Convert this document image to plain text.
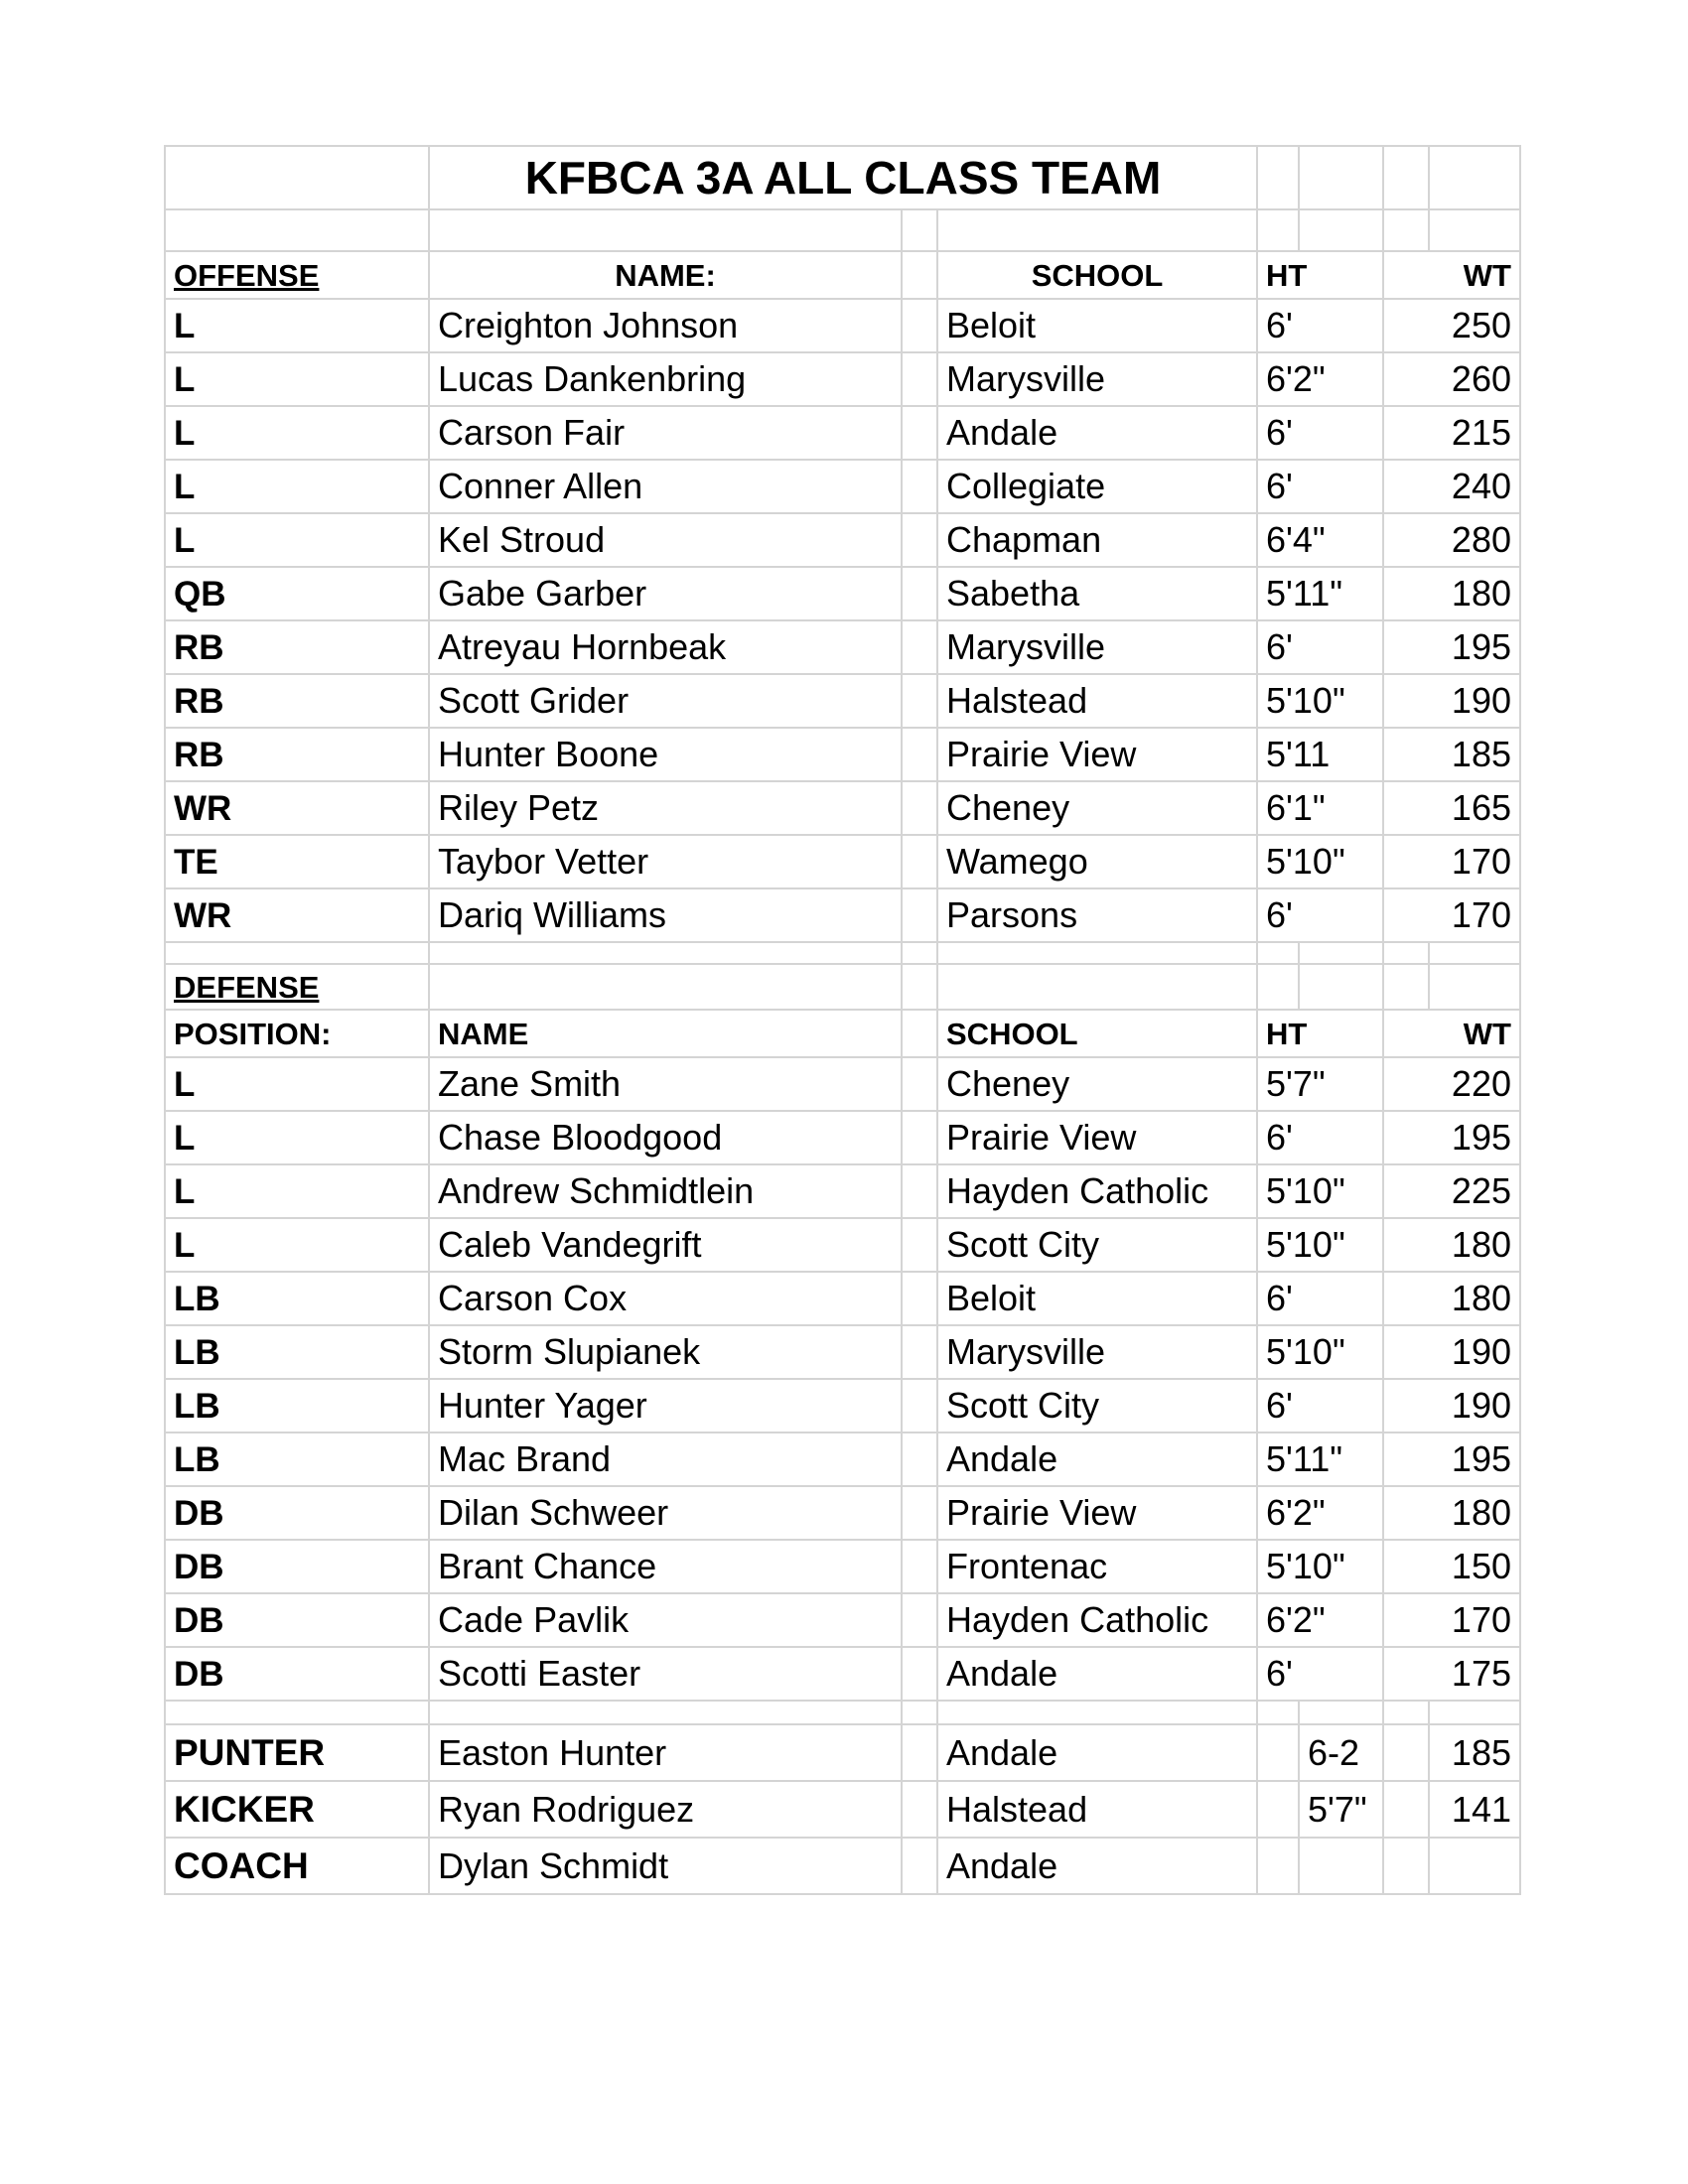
	KFBCA 3A ALL CLASS TEAM						

OFFENSE	NAME:		SCHOOL	HT		WT	
L	Creighton Johnson		Beloit	6'		250	
L	Lucas Dankenbring		Marysville	6'2"		260	
L	Carson Fair		Andale	6'		215	
L	Conner Allen		Collegiate	6'		240	
L	Kel Stroud		Chapman	6'4"		280	
QB	Gabe Garber		Sabetha	5'11"		180	
RB	Atreyau Hornbeak		Marysville	6'		195	
RB	Scott Grider		Halstead	5'10"		190	
RB	Hunter Boone		Prairie View	5'11		185	
WR	Riley Petz		Cheney	6'1"		165	
TE	Taybor Vetter		Wamego	5'10"		170	
WR	Dariq Williams		Parsons	6'		170	

DEFENSE							
POSITION:	NAME		SCHOOL	HT		WT	
L	Zane Smith		Cheney	5'7"		220	
L	Chase Bloodgood		Prairie View	6'		195	
L	Andrew Schmidtlein		Hayden Catholic	5'10"		225	
L	Caleb Vandegrift		Scott City	5'10"		180	
LB	Carson Cox		Beloit	6'		180	
LB	Storm Slupianek		Marysville	5'10"		190	
LB	Hunter Yager		Scott City	6'		190	
LB	Mac Brand		Andale	5'11"		195	
DB	Dilan Schweer		Prairie View	6'2"		180	
DB	Brant Chance		Frontenac	5'10"		150	
DB	Cade Pavlik		Hayden Catholic	6'2"		170	
DB	Scotti Easter		Andale	6'		175	

PUNTER	Easton Hunter		Andale		6-2		185
KICKER	Ryan Rodriguez		Halstead		5'7"		141
COACH	Dylan Schmidt		Andale				
